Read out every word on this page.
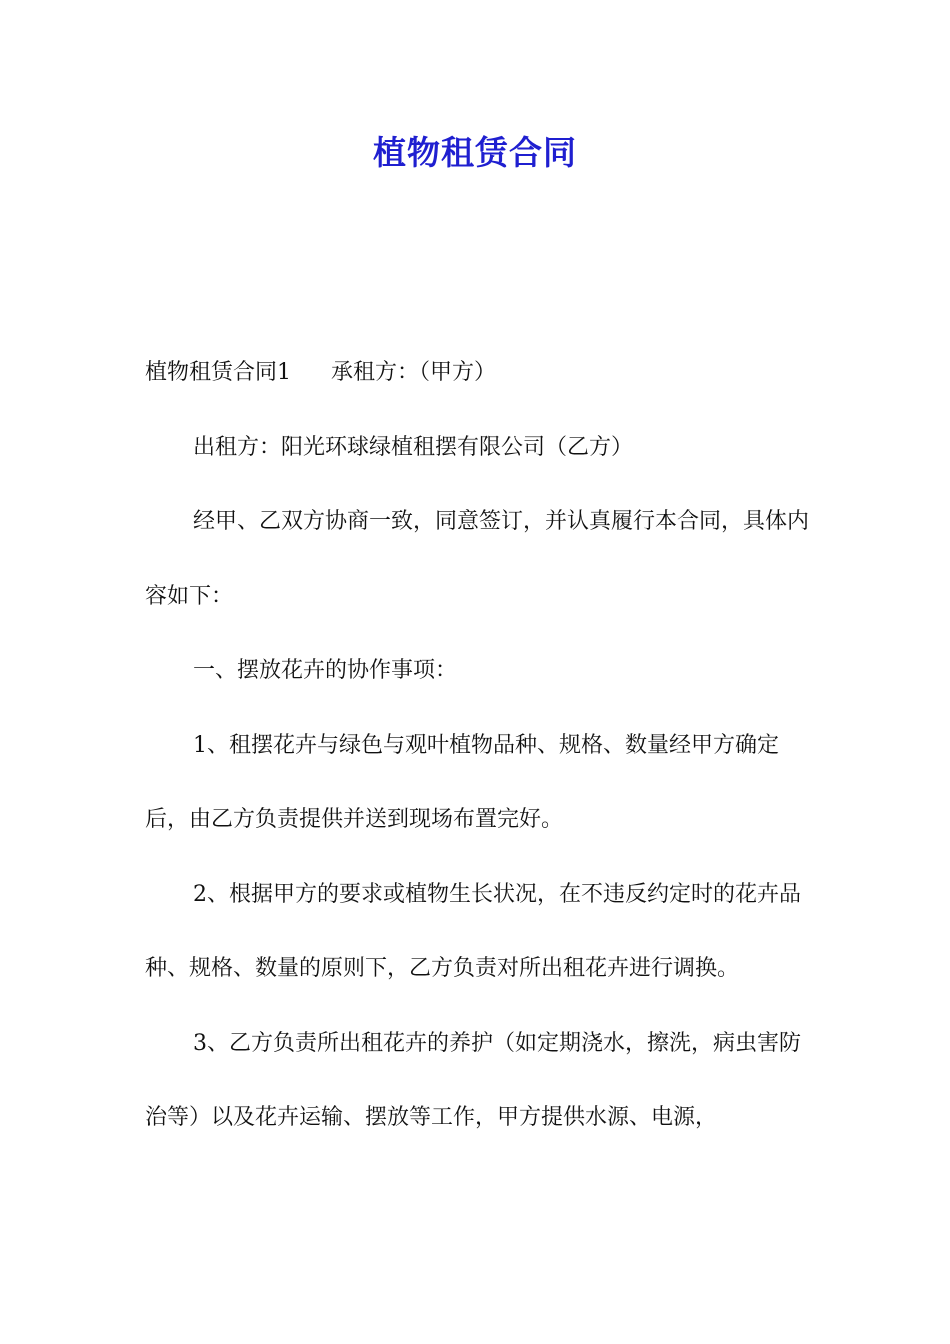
植物租赁合同

植物租赁合同1 承租方：（甲方）

出租方：阳光环球绿植租摆有限公司（乙方）

经甲、乙双方协商一致，同意签订，并认真履行本合同，具体内容如下：

一、摆放花卉的协作事项：

1、租摆花卉与绿色与观叶植物品种、规格、数量经甲方确定后，由乙方负责提供并送到现场布置完好。

2、根据甲方的要求或植物生长状况，在不违反约定时的花卉品种、规格、数量的原则下，乙方负责对所出租花卉进行调换。

3、乙方负责所出租花卉的养护（如定期浇水，擦洗，病虫害防治等）以及花卉运输、摆放等工作，甲方提供水源、电源，
